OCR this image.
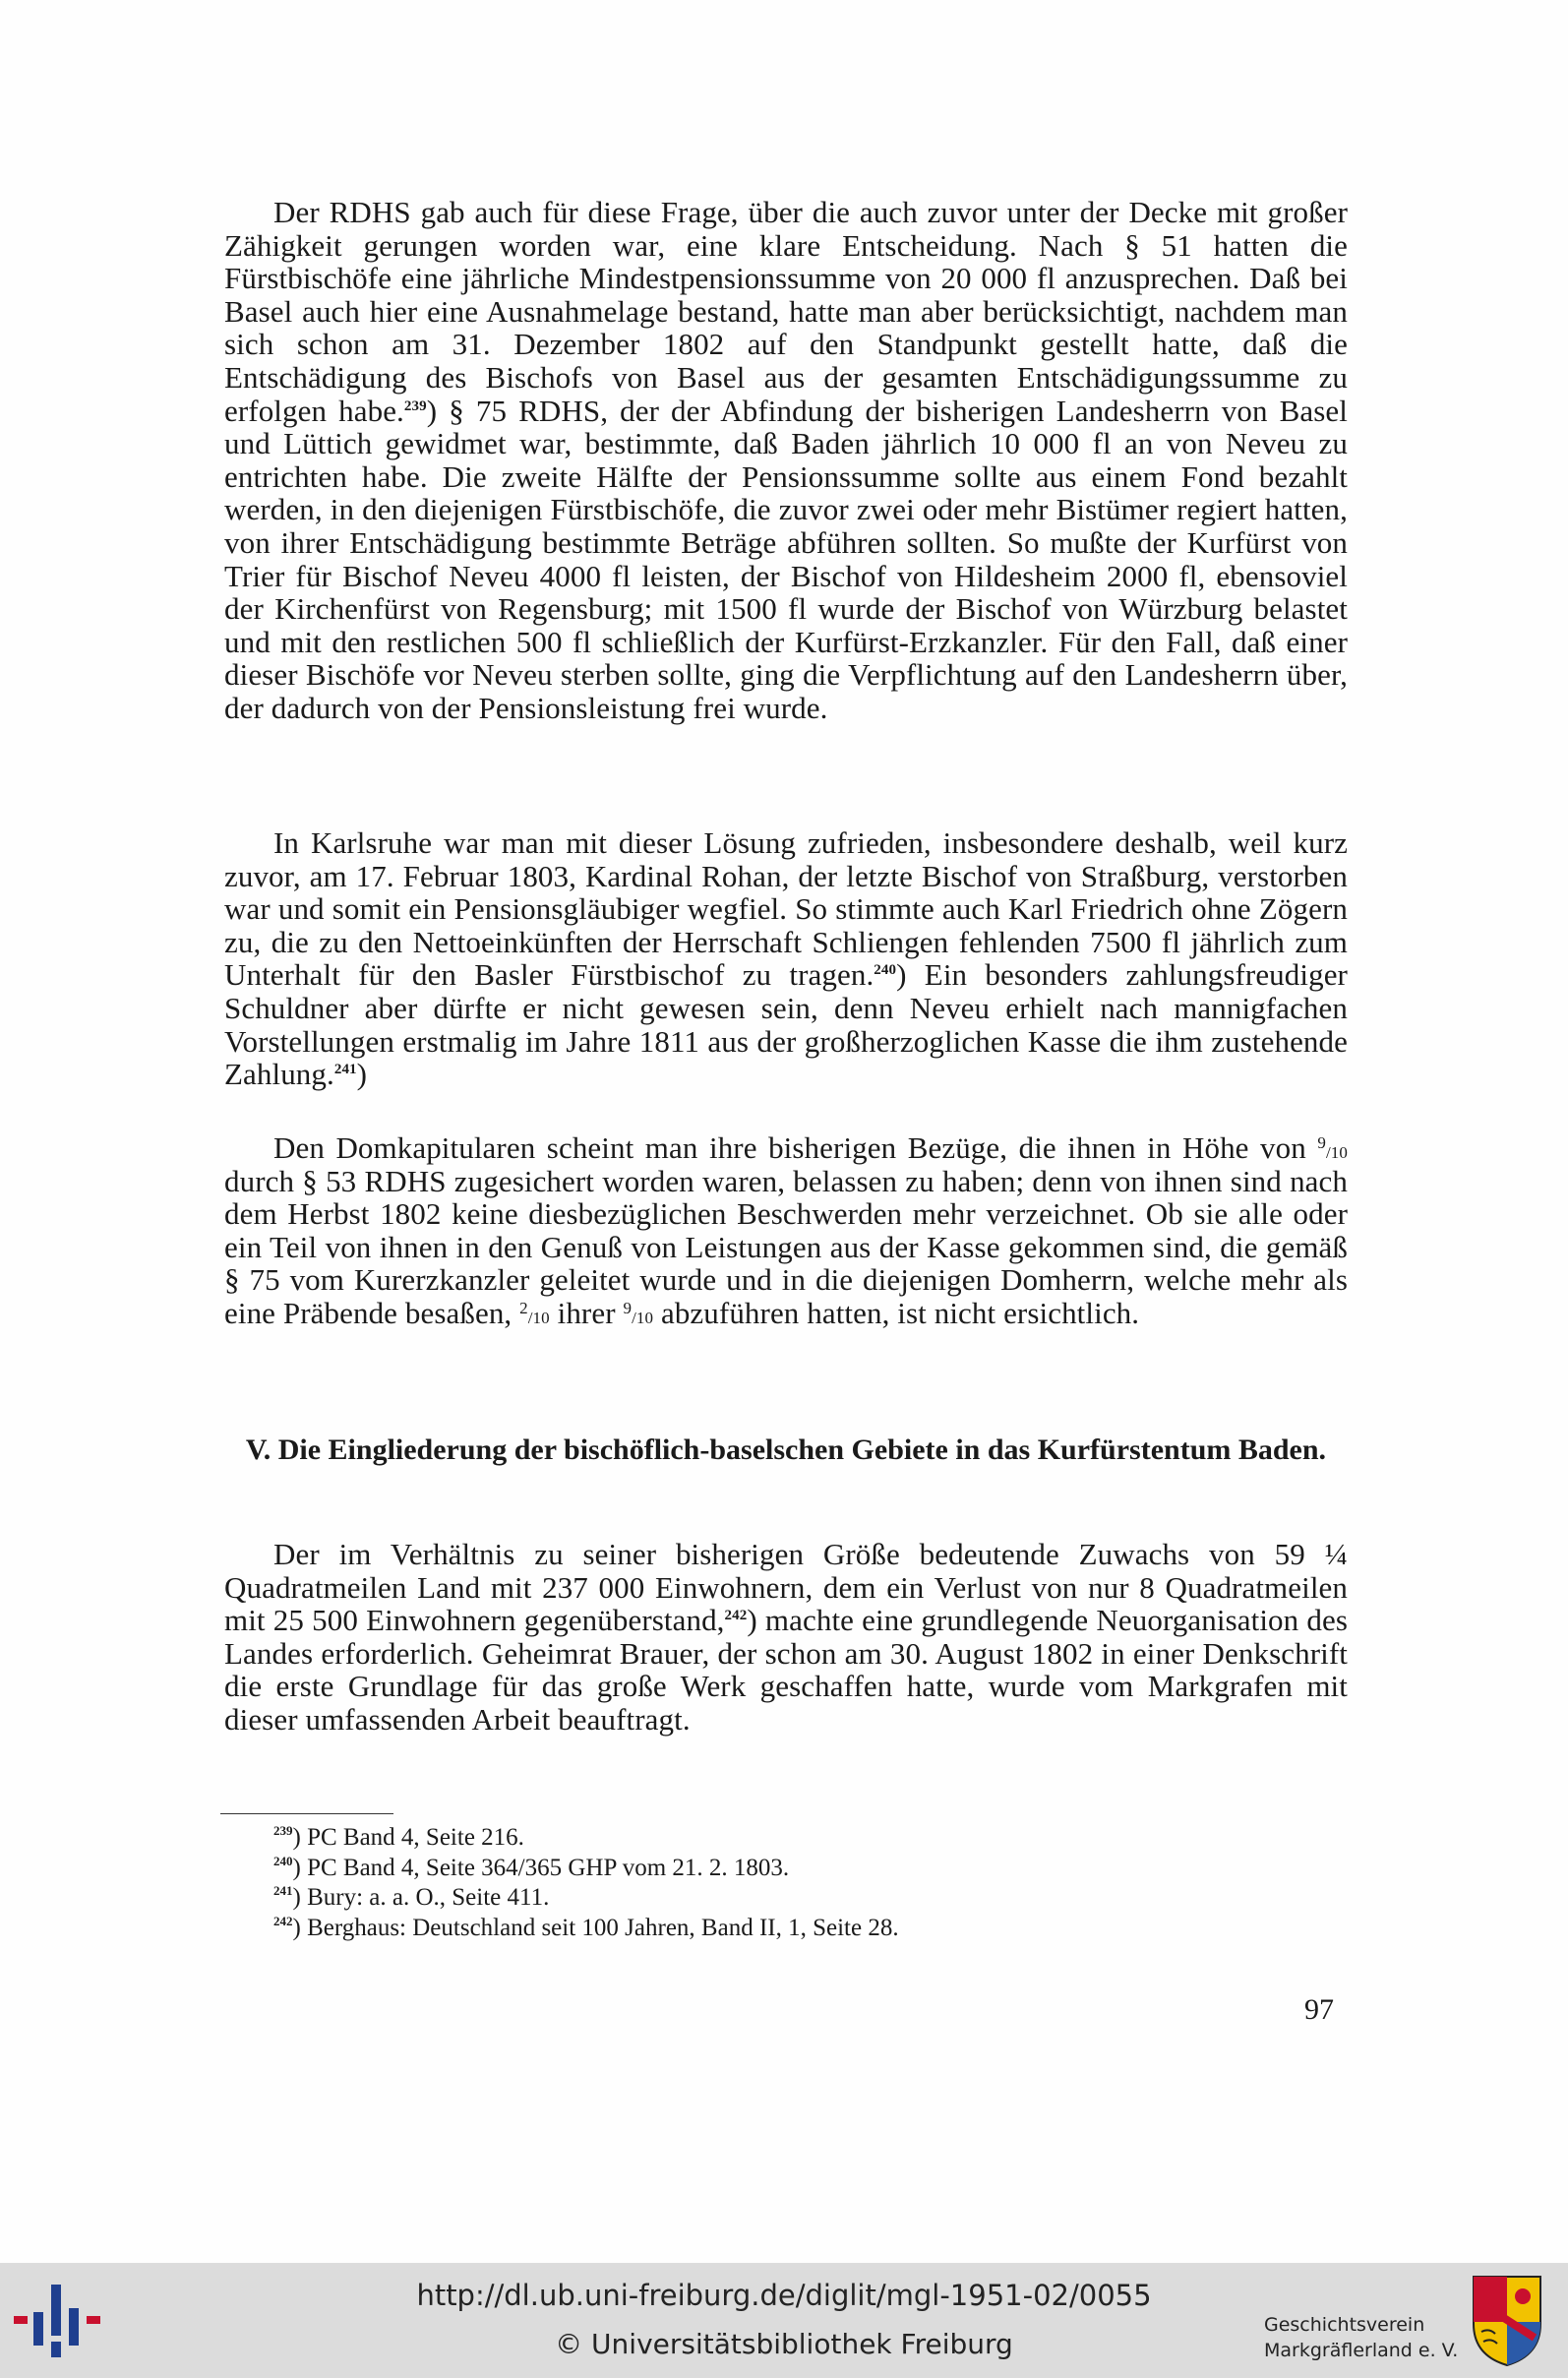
Der RDHS gab auch für diese Frage, über die auch zuvor unter der Decke mit großer Zähigkeit gerungen worden war, eine klare Entscheidung. Nach § 51 hatten die Fürstbischöfe eine jährliche Mindestpensionssumme von 20 000 fl anzusprechen. Daß bei Basel auch hier eine Ausnahmelage bestand, hatte man aber berücksichtigt, nachdem man sich schon am 31. Dezember 1802 auf den Standpunkt gestellt hatte, daß die Entschädigung des Bischofs von Basel aus der gesamten Entschädigungssumme zu erfolgen habe.$^{239}$) § 75 RDHS, der der Abfindung der bisherigen Landesherrn von Basel und Lüttich gewidmet war, bestimmte, daß Baden jährlich 10 000 fl an von Neveu zu entrichten habe. Die zweite Hälfte der Pensionssumme sollte aus einem Fond bezahlt werden, in den diejenigen Fürstbischöfe, die zuvor zwei oder mehr Bistümer regiert hatten, von ihrer Entschädigung bestimmte Beträge abführen sollten. So mußte der Kurfürst von Trier für Bischof Neveu 4000 fl leisten, der Bischof von Hildesheim 2000 fl, ebensoviel der Kirchenfürst von Regensburg; mit 1500 fl wurde der Bischof von Würzburg belastet und mit den restlichen 500 fl schließlich der Kurfürst-Erzkanzler. Für den Fall, daß einer dieser Bischöfe vor Neveu sterben sollte, ging die Verpflichtung auf den Landesherrn über, der dadurch von der Pensionsleistung frei wurde.
In Karlsruhe war man mit dieser Lösung zufrieden, insbesondere deshalb, weil kurz zuvor, am 17. Februar 1803, Kardinal Rohan, der letzte Bischof von Straßburg, verstorben war und somit ein Pensionsgläubiger wegfiel. So stimmte auch Karl Friedrich ohne Zögern zu, die zu den Nettoeinkünften der Herrschaft Schliengen fehlenden 7500 fl jährlich zum Unterhalt für den Basler Fürstbischof zu tragen.$^{240}$) Ein besonders zahlungsfreudiger Schuldner aber dürfte er nicht gewesen sein, denn Neveu erhielt nach mannigfachen Vorstellungen erstmalig im Jahre 1811 aus der großherzoglichen Kasse die ihm zustehende Zahlung.$^{241}$)
Den Domkapitularen scheint man ihre bisherigen Bezüge, die ihnen in Höhe von $^9$/10 durch § 53 RDHS zugesichert worden waren, belassen zu haben; denn von ihnen sind nach dem Herbst 1802 keine diesbezüglichen Beschwerden mehr verzeichnet. Ob sie alle oder ein Teil von ihnen in den Genuß von Leistungen aus der Kasse gekommen sind, die gemäß § 75 vom Kurerzkanzler geleitet wurde und in die diejenigen Domherrn, welche mehr als eine Präbende besaßen, $^2$/10 ihrer $^9$/10 abzuführen hatten, ist nicht ersichtlich.
V. Die Eingliederung der bischöflich-baselschen Gebiete in das Kurfürstentum Baden.
Der im Verhältnis zu seiner bisherigen Größe bedeutende Zuwachs von 59 ¼ Quadratmeilen Land mit 237 000 Einwohnern, dem ein Verlust von nur 8 Quadratmeilen mit 25 500 Einwohnern gegenüberstand,$^{242}$) machte eine grundlegende Neuorganisation des Landes erforderlich. Geheimrat Brauer, der schon am 30. August 1802 in einer Denkschrift die erste Grundlage für das große Werk geschaffen hatte, wurde vom Markgrafen mit dieser umfassenden Arbeit beauftragt.
$^{239}$) PC Band 4, Seite 216.
$^{240}$) PC Band 4, Seite 364/365 GHP vom 21. 2. 1803.
$^{241}$) Bury: a. a. O., Seite 411.
$^{242}$) Berghaus: Deutschland seit 100 Jahren, Band II, 1, Seite 28.
97
http://dl.ub.uni-freiburg.de/diglit/mgl-1951-02/0055
© Universitätsbibliothek Freiburg
Geschichtsverein
Markgräflerland e. V.
